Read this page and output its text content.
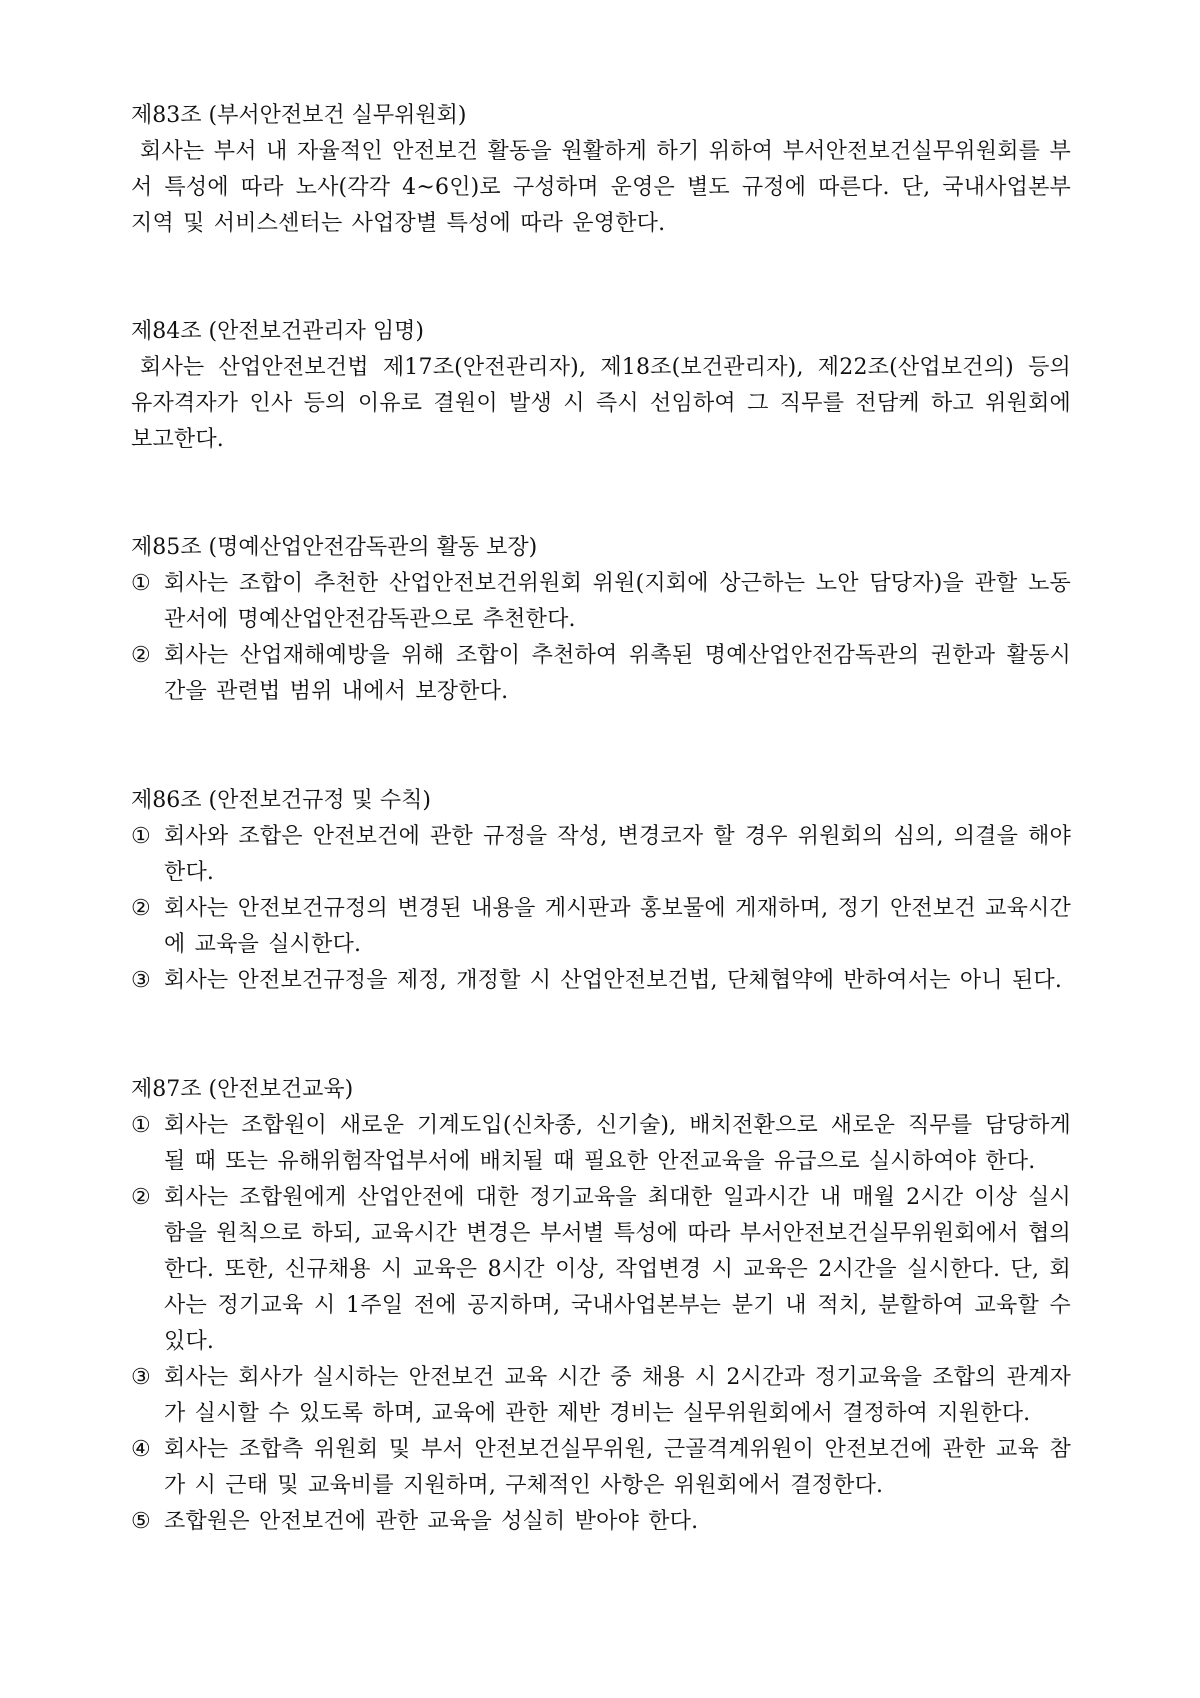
제83조 (부서안전보건 실무위원회)
회사는 부서 내 자율적인 안전보건 활동을 원활하게 하기 위하여 부서안전보건실무위원회를 부서 특성에 따라 노사(각각 4~6인)로 구성하며 운영은 별도 규정에 따른다. 단, 국내사업본부 지역 및 서비스센터는 사업장별 특성에 따라 운영한다.
제84조 (안전보건관리자 임명)
회사는 산업안전보건법 제17조(안전관리자), 제18조(보건관리자), 제22조(산업보건의) 등의 유자격자가 인사 등의 이유로 결원이 발생 시 즉시 선임하여 그 직무를 전담케 하고 위원회에 보고한다.
제85조 (명예산업안전감독관의 활동 보장)
① 회사는 조합이 추천한 산업안전보건위원회 위원(지회에 상근하는 노안 담당자)을 관할 노동관서에 명예산업안전감독관으로 추천한다.
② 회사는 산업재해예방을 위해 조합이 추천하여 위촉된 명예산업안전감독관의 권한과 활동시간을 관련법 범위 내에서 보장한다.
제86조 (안전보건규정 및 수칙)
① 회사와 조합은 안전보건에 관한 규정을 작성, 변경코자 할 경우 위원회의 심의, 의결을 해야 한다.
② 회사는 안전보건규정의 변경된 내용을 게시판과 홍보물에 게재하며, 정기 안전보건 교육시간에 교육을 실시한다.
③ 회사는 안전보건규정을 제정, 개정할 시 산업안전보건법, 단체협약에 반하여서는 아니 된다.
제87조 (안전보건교육)
① 회사는 조합원이 새로운 기계도입(신차종, 신기술), 배치전환으로 새로운 직무를 담당하게 될 때 또는 유해위험작업부서에 배치될 때 필요한 안전교육을 유급으로 실시하여야 한다.
② 회사는 조합원에게 산업안전에 대한 정기교육을 최대한 일과시간 내 매월 2시간 이상 실시함을 원칙으로 하되, 교육시간 변경은 부서별 특성에 따라 부서안전보건실무위원회에서 협의한다. 또한, 신규채용 시 교육은 8시간 이상, 작업변경 시 교육은 2시간을 실시한다. 단, 회사는 정기교육 시 1주일 전에 공지하며, 국내사업본부는 분기 내 적치, 분할하여 교육할 수 있다.
③ 회사는 회사가 실시하는 안전보건 교육 시간 중 채용 시 2시간과 정기교육을 조합의 관계자가 실시할 수 있도록 하며, 교육에 관한 제반 경비는 실무위원회에서 결정하여 지원한다.
④ 회사는 조합측 위원회 및 부서 안전보건실무위원, 근골격계위원이 안전보건에 관한 교육 참가 시 근태 및 교육비를 지원하며, 구체적인 사항은 위원회에서 결정한다.
⑤ 조합원은 안전보건에 관한 교육을 성실히 받아야 한다.
